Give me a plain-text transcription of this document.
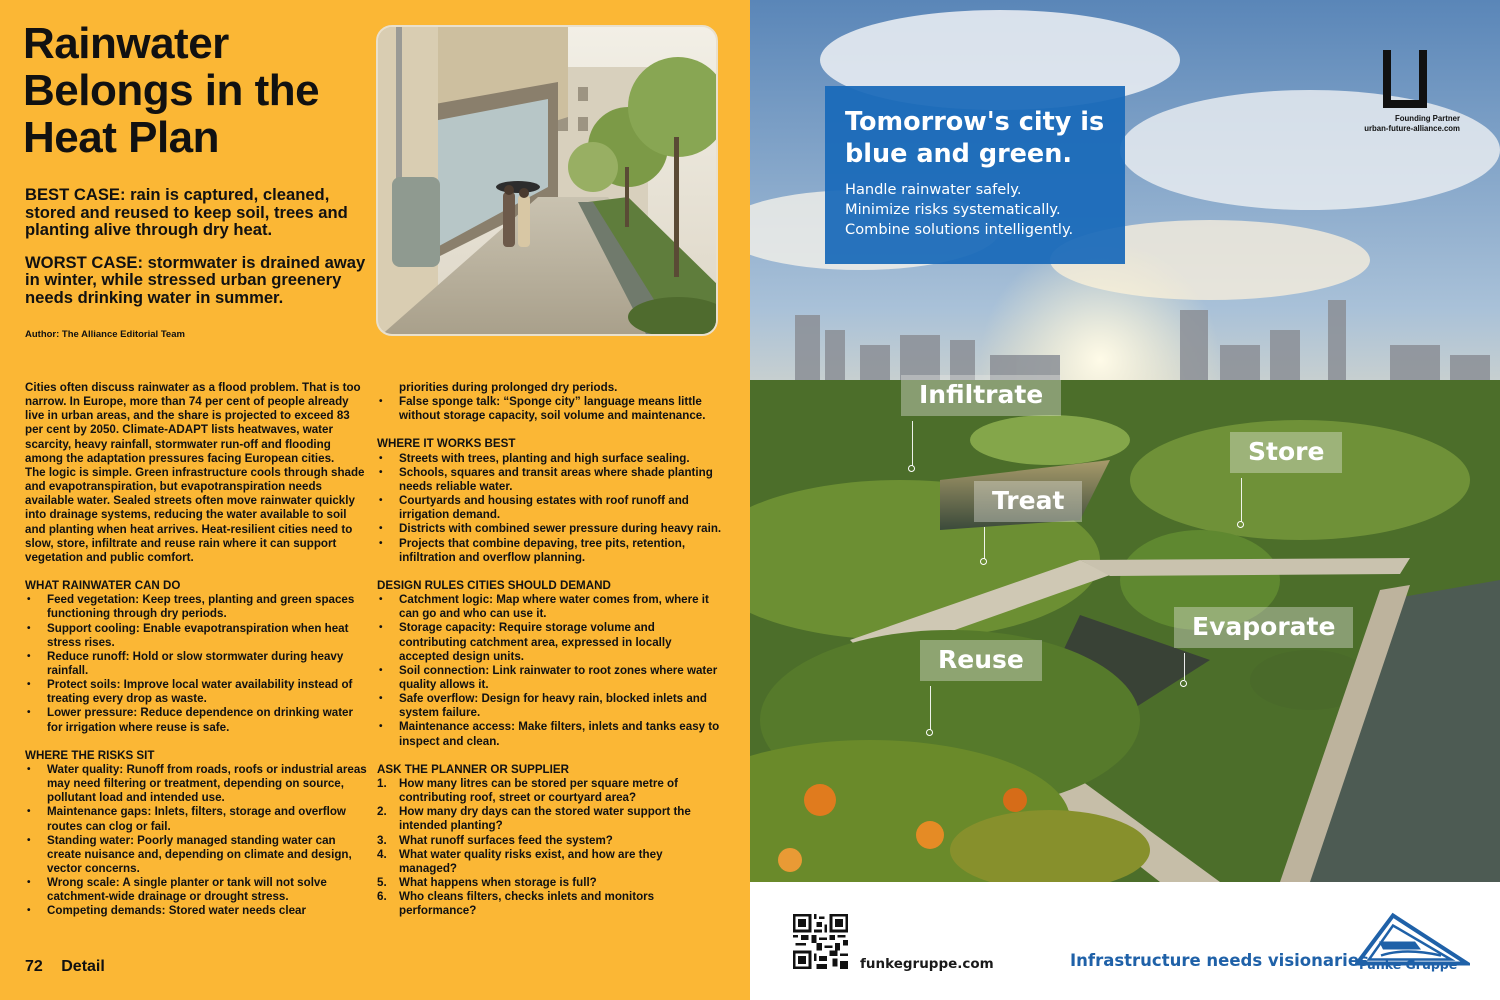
Rainwater
Belongs in the
Heat Plan

BEST CASE: rain is captured, cleaned, stored and reused to keep soil, trees and planting alive through dry heat.

WORST CASE: stormwater is drained away in winter, while stressed urban greenery needs drinking water in summer.

Author: The Alliance Editorial Team

Cities often discuss rainwater as a flood problem. That is too narrow. In Europe, more than 74 per cent of people already live in urban areas, and the share is projected to exceed 83 per cent by 2050. Climate-ADAPT lists heatwaves, water scarcity, heavy rainfall, stormwater run-off and flooding among the adaptation pressures facing European cities.

The logic is simple. Green infrastructure cools through shade and evapotranspiration, but evapotranspiration needs available water. Sealed streets often move rainwater quickly into drainage systems, reducing the water available to soil and planting when heat arrives. Heat-resilient cities need to slow, store, infiltrate and reuse rain where it can support vegetation and public comfort.

WHAT RAINWATER CAN DO
• Feed vegetation: Keep trees, planting and green spaces functioning through dry periods.
• Support cooling: Enable evapotranspiration when heat stress rises.
• Reduce runoff: Hold or slow stormwater during heavy rainfall.
• Protect soils: Improve local water availability instead of treating every drop as waste.
• Lower pressure: Reduce dependence on drinking water for irrigation where reuse is safe.
WHERE THE RISKS SIT
• Water quality: Runoff from roads, roofs or industrial areas may need filtering or treatment, depending on source, pollutant load and intended use.
• Maintenance gaps: Inlets, filters, storage and overflow routes can clog or fail.
• Standing water: Poorly managed standing water can create nuisance and, depending on climate and design, vector concerns.
• Wrong scale: A single planter or tank will not solve catchment-wide drainage or drought stress.
• Competing demands: Stored water needs clear

priorities during prolonged dry periods.

• False sponge talk: “Sponge city” language means little without storage capacity, soil volume and maintenance.
WHERE IT WORKS BEST
• Streets with trees, planting and high surface sealing.
• Schools, squares and transit areas where shade planting needs reliable water.
• Courtyards and housing estates with roof runoff and irrigation demand.
• Districts with combined sewer pressure during heavy rain.
• Projects that combine depaving, tree pits, retention, infiltration and overflow planning.
DESIGN RULES CITIES SHOULD DEMAND
• Catchment logic: Map where water comes from, where it can go and who can use it.
• Storage capacity: Require storage volume and contributing catchment area, expressed in locally accepted design units.
• Soil connection: Link rainwater to root zones where water quality allows it.
• Safe overflow: Design for heavy rain, blocked inlets and system failure.
• Maintenance access: Make filters, inlets and tanks easy to inspect and clean.
ASK THE PLANNER OR SUPPLIER
1. How many litres can be stored per square metre of contributing roof, street or courtyard area?
2. How many dry days can the stored water support the intended planting?
3. What runoff surfaces feed the system?
4. What water quality risks exist, and how are they managed?
5. What happens when storage is full?
6. Who cleans filters, checks inlets and monitors performance?
72 Detail
Tomorrow's city is
blue and green.
Handle rainwater safely.
Minimize risks systematically.
Combine solutions intelligently.
Founding Partner
urban-future-alliance.com
Infiltrate
Store
Treat
Evaporate
Reuse
funkegruppe.com	Infrastructure needs visionaries
Funke Gruppe
